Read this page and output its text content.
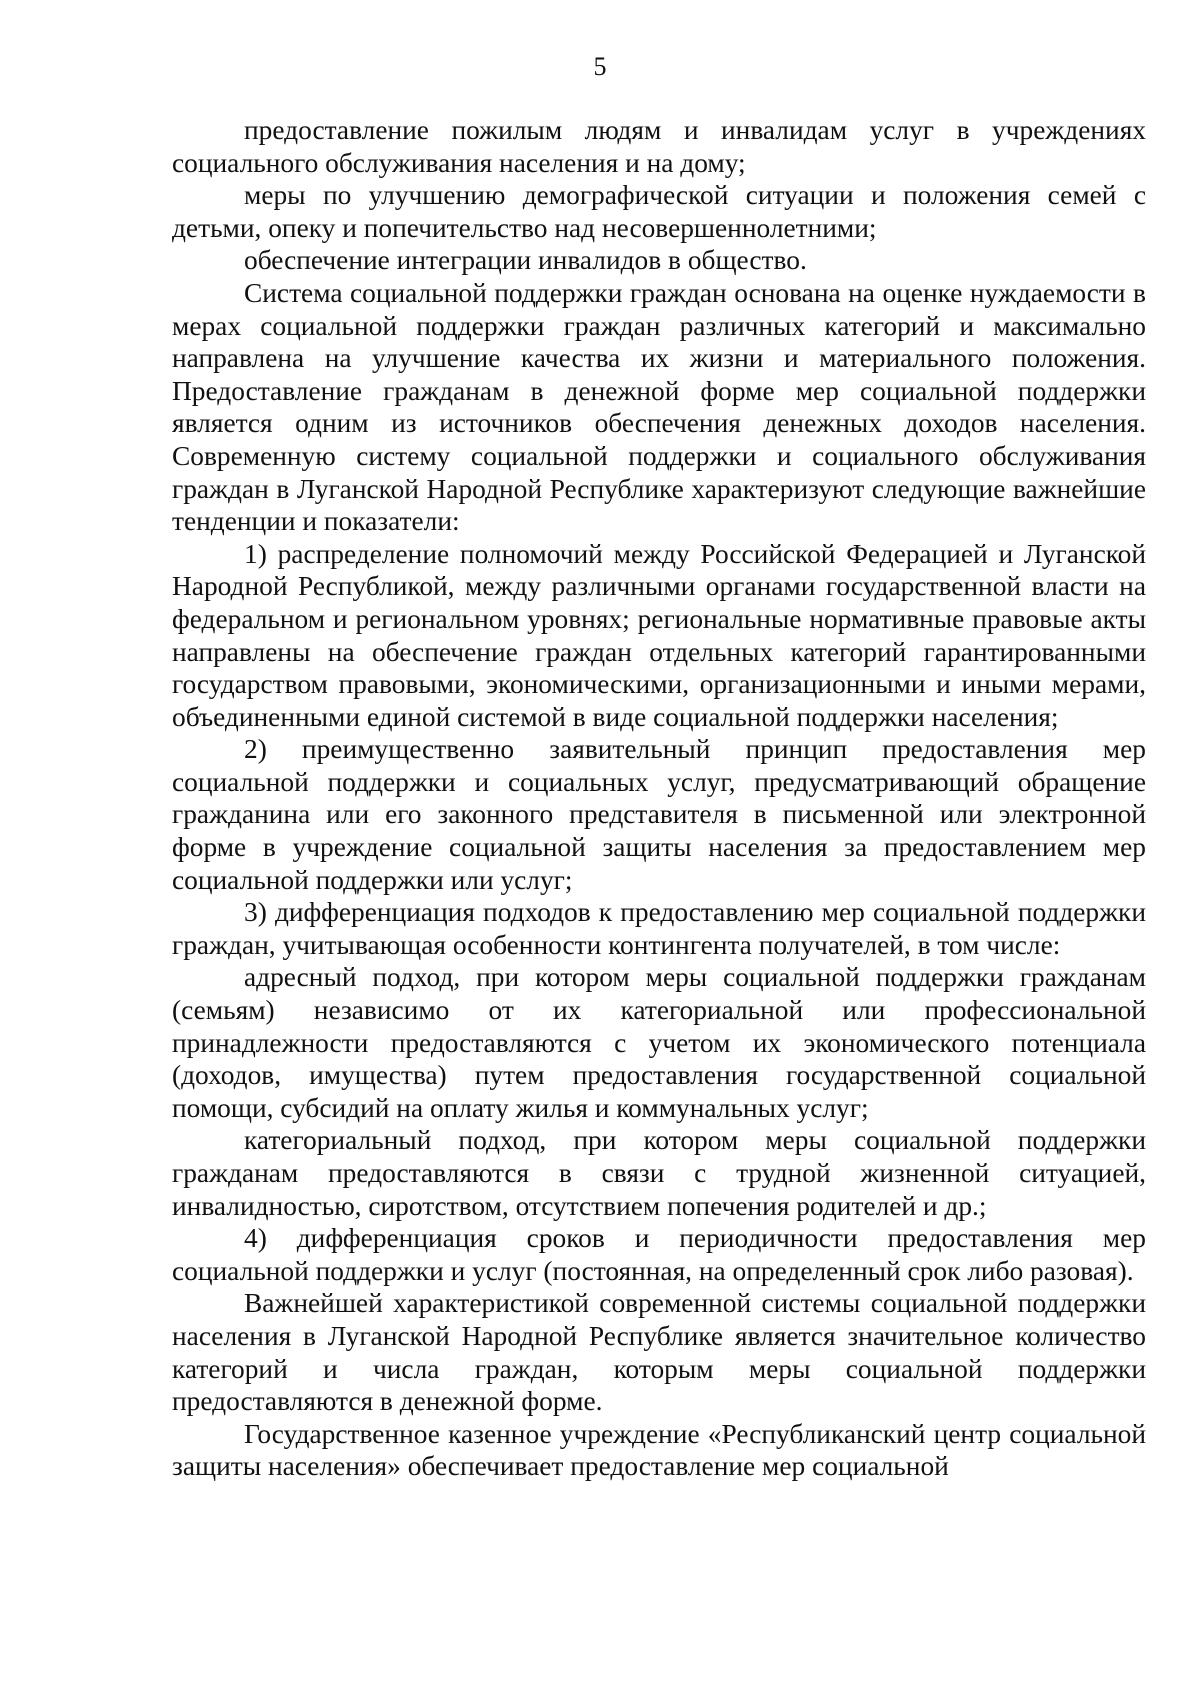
5

предоставление пожилым людям и инвалидам услуг в учреждениях социального обслуживания населения и на дому;

меры по улучшению демографической ситуации и положения семей с детьми, опеку и попечительство над несовершеннолетними;

обеспечение интеграции инвалидов в общество.

Система социальной поддержки граждан основана на оценке нуждаемости в мерах социальной поддержки граждан различных категорий и максимально направлена на улучшение качества их жизни и материального положения. Предоставление гражданам в денежной форме мер социальной поддержки является одним из источников обеспечения денежных доходов населения. Современную систему социальной поддержки и социального обслуживания граждан в Луганской Народной Республике характеризуют следующие важнейшие тенденции и показатели:

1) распределение полномочий между Российской Федерацией и Луганской Народной Республикой, между различными органами государственной власти на федеральном и региональном уровнях; региональные нормативные правовые акты направлены на обеспечение граждан отдельных категорий гарантированными государством правовыми, экономическими, организационными и иными мерами, объединенными единой системой в виде социальной поддержки населения;

2) преимущественно заявительный принцип предоставления мер социальной поддержки и социальных услуг, предусматривающий обращение гражданина или его законного представителя в письменной или электронной форме в учреждение социальной защиты населения за предоставлением мер социальной поддержки или услуг;

3) дифференциация подходов к предоставлению мер социальной поддержки граждан, учитывающая особенности контингента получателей, в том числе:

адресный подход, при котором меры социальной поддержки гражданам (семьям) независимо от их категориальной или профессиональной принадлежности предоставляются с учетом их экономического потенциала (доходов, имущества) путем предоставления государственной социальной помощи, субсидий на оплату жилья и коммунальных услуг;

категориальный подход, при котором меры социальной поддержки гражданам предоставляются в связи с трудной жизненной ситуацией, инвалидностью, сиротством, отсутствием попечения родителей и др.;

4) дифференциация сроков и периодичности предоставления мер социальной поддержки и услуг (постоянная, на определенный срок либо разовая).

Важнейшей характеристикой современной системы социальной поддержки населения в Луганской Народной Республике является значительное количество категорий и числа граждан, которым меры социальной поддержки предоставляются в денежной форме.

Государственное казенное учреждение «Республиканский центр социальной защиты населения» обеспечивает предоставление мер социальной
